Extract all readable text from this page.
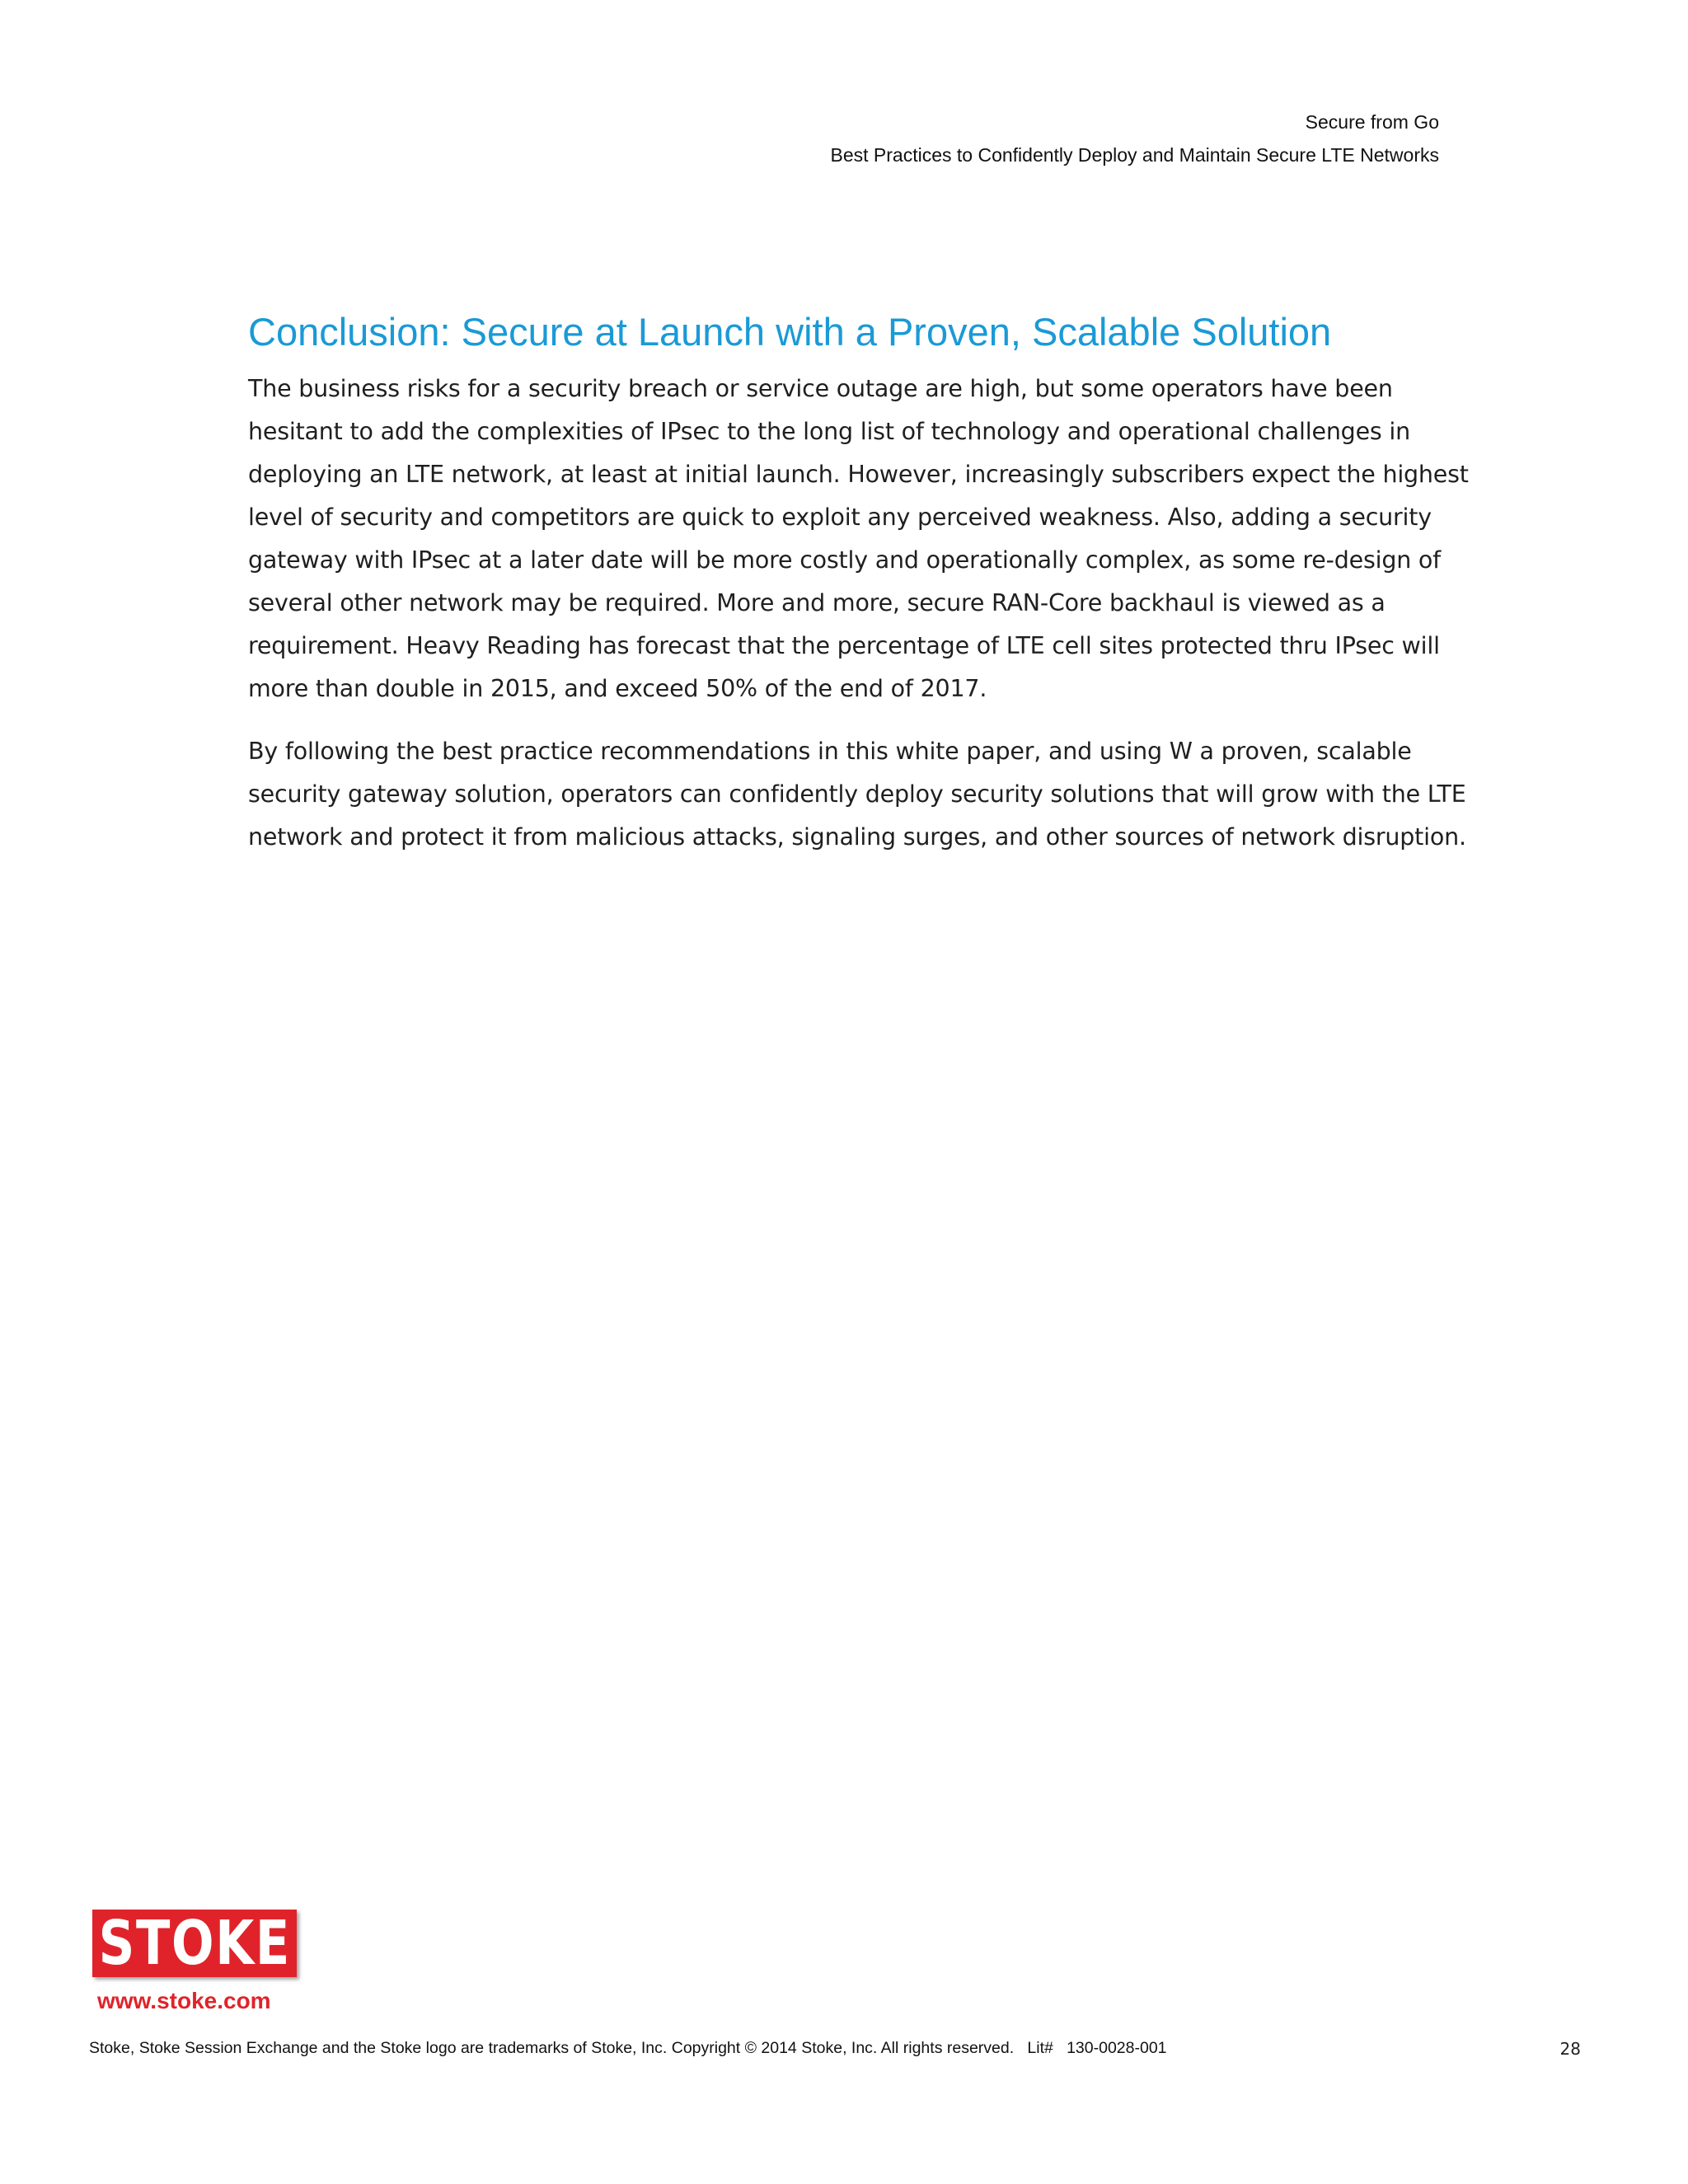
Secure from Go
Best Practices to Confidently Deploy and Maintain Secure LTE Networks
Conclusion: Secure at Launch with a Proven, Scalable Solution

The business risks for a security breach or service outage are high, but some operators have been
hesitant to add the complexities of IPsec to the long list of technology and operational challenges in
deploying an LTE network, at least at initial launch. However, increasingly subscribers expect the highest
level of security and competitors are quick to exploit any perceived weakness. Also, adding a security
gateway with IPsec at a later date will be more costly and operationally complex, as some re-design of
several other network may be required. More and more, secure RAN-Core backhaul is viewed as a
requirement. Heavy Reading has forecast that the percentage of LTE cell sites protected thru IPsec will
more than double in 2015, and exceed 50% of the end of 2017.

By following the best practice recommendations in this white paper, and using W a proven, scalable
security gateway solution, operators can confidently deploy security solutions that will grow with the LTE
network and protect it from malicious attacks, signaling surges, and other sources of network disruption.

STOKE
www.stoke.com
Stoke, Stoke Session Exchange and the Stoke logo are trademarks of Stoke, Inc. Copyright © 2014 Stoke, Inc. All rights reserved.   Lit#   130-0028-001	28
